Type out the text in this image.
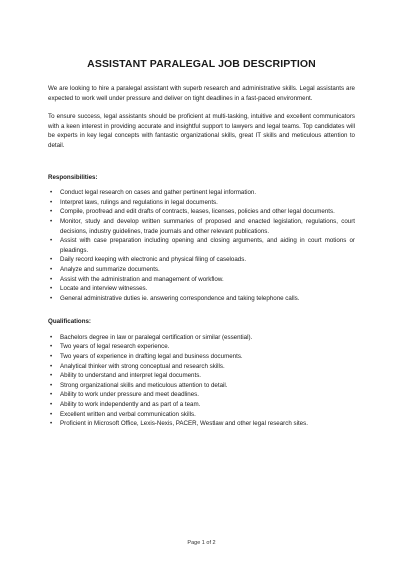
ASSISTANT PARALEGAL JOB DESCRIPTION

We are looking to hire a paralegal assistant with superb research and administrative skills. Legal assistants are expected to work well under pressure and deliver on tight deadlines in a fast-paced environment.

To ensure success, legal assistants should be proficient at multi-tasking, intuitive and excellent communicators with a keen interest in providing accurate and insightful support to lawyers and legal teams. Top candidates will be experts in key legal concepts with fantastic organizational skills, great IT skills and meticulous attention to detail.

Responsibilities:

• Conduct legal research on cases and gather pertinent legal information.
• Interpret laws, rulings and regulations in legal documents.
• Compile, proofread and edit drafts of contracts, leases, licenses, policies and other legal documents.
• Monitor, study and develop written summaries of proposed and enacted legislation, regulations, court decisions, industry guidelines, trade journals and other relevant publications.
• Assist with case preparation including opening and closing arguments, and aiding in court motions or pleadings.
• Daily record keeping with electronic and physical filing of caseloads.
• Analyze and summarize documents.
• Assist with the administration and management of workflow.
• Locate and interview witnesses.
• General administrative duties ie. answering correspondence and taking telephone calls.

Qualifications:

• Bachelors degree in law or paralegal certification or similar (essential).
• Two years of legal research experience.
• Two years of experience in drafting legal and business documents.
• Analytical thinker with strong conceptual and research skills.
• Ability to understand and interpret legal documents.
• Strong organizational skills and meticulous attention to detail.
• Ability to work under pressure and meet deadlines.
• Ability to work independently and as part of a team.
• Excellent written and verbal communication skills.
• Proficient in Microsoft Office, Lexis-Nexis, PACER, Westlaw and other legal research sites.
Page 1 of 2
